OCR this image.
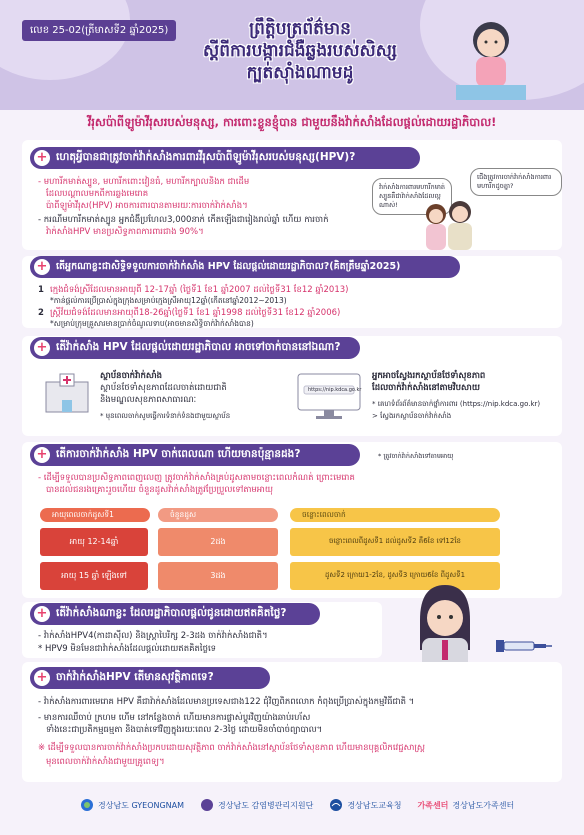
លេខ 25-02(ត្រីមាសទី2 ឆ្នាំ2025)	ព្រឹត្តិបត្រព័ត៌មាន
ស្តីពីការបង្ការជំងឺឆ្លងរបស់សិស្ស
ក្បត់ស៊ាំងណាមដូ
វីរុសប៉ាពីឡូម៉ាវីរុសរបស់មនុស្ស, ការពោះខ្លួនខ្ញុំបាន ជាមួយនឹងវ៉ាក់សាំងដែលផ្តល់ដោយរដ្ឋាភិបាល!
+ ហេតុអ្វីបានជាត្រូវចាក់វ៉ាក់សាំងការពារវីរុសប៉ាពីឡូម៉ាវីរុសរបស់មនុស្ស(HPV)?
- មហារីកមាត់ស្បូន, មហារីកពោះវៀនធំ, មហារីកក្បាលនិងក ជាដើម
ដែលបណ្តាលមកពីការឆ្លងមេរោគ
ប៉ាពីឡូម៉ាវីរុស(HPV) អាចការពារបានតាមរយៈការចាក់វ៉ាក់សាំង។
- ករណីមហារីកមាត់ស្បូន អ្នកជំងឺប្រហែល3,000នាក់ កើតឡើងជារៀងរាល់ឆ្នាំ ហើយ ការចាក់
វ៉ាក់សាំងHPV មានប្រសិទ្ធភាពការពារជាង 90%។
វ៉ាក់សាំងការពារមហារីកមាត់ស្បូនគឺជាវ៉ាក់សាំងដែលល្អណាស់!
ជើងត្រូវការចាក់វ៉ាក់សាំងការពារមហារីកដូចគ្នា?
+ តើអ្នកណាខ្លះជាសិទ្ធិទទួលការចាក់វ៉ាក់សាំង HPV ដែលផ្តល់ដោយរដ្ឋាភិបាល?(គិតត្រឹមឆ្នាំ2025)
1 ក្មេងជំទង់ស្រីដែលមានអាយុពី 12-17ឆ្នាំ (ថ្ងៃទី1 ខែ1 ឆ្នាំ2007 ដល់ថ្ងៃទី31 ខែ12 ឆ្នាំ2013)
*កាន់ផ្តល់ការប្រើប្រាស់ក្នុងក្រុងសម្រាប់ក្មេងស្រីអាយុ12ឆ្នាំ(កើតនៅឆ្នាំ2012~2013)
2 ស្ត្រីវ័យជំទង់ដែលមានអាយុពី18-26ឆ្នាំ(ថ្ងៃទី1 ខែ1 ឆ្នាំ1998 ដល់ថ្ងៃទី31 ខែ12 ឆ្នាំ2006)
*សម្រាប់ក្រុមគ្រួសារមានប្រាក់ចំណូលទាប(អាចមានសិទ្ធិចាក់វ៉ាក់សាំងបាន)
+ តើវ៉ាក់សាំង HPV ដែលផ្តល់ដោយរដ្ឋាភិបាល អាចទៅចាក់បាននៅឯណា?
ស្ថាប័នចាក់វ៉ាក់សាំង
ស្ថាប័នថែទាំសុខភាពដែលចាត់ដោយជាតិ
និងមណ្ឌលសុខភាពសាធារណៈ
* មុនពេលចាក់សូមធ្វើការទំនាក់ទំនងជាមួយស្ថាប័ន
https://nip.kdca.go.kr
អ្នកអាចស្វែងរកស្ថាប័នថែទាំសុខភាព
ដែលចាក់វ៉ាក់សាំងនៅតាមវិបសាយ
* គេហទំព័រព័ត៌មានចាក់ថ្នាំការពារ (https://nip.kdca.go.kr)
> ស្វែងរកស្ថាប័នចាក់វ៉ាក់សាំង
+ តើការចាក់វ៉ាក់សាំង HPV ចាក់ពេលណា ហើយមានប៉ុន្មានដង?	* ត្រូវចាក់វ៉ាក់សាំងទៅតាមអាយុ
- ដើម្បីទទួលបានប្រសិទ្ធភាពពេញលេញ ត្រូវចាក់វ៉ាក់សាំងគ្រប់ដូសតាមចន្លោះពេលកំណត់ ព្រោះមេរោគ
បានដល់ជនរងគ្រោះរួចហើយ ចំនួនដូសវ៉ាក់សាំងត្រូវប្រែប្រួលទៅតាមអាយុ
អាយុពេលចាក់ដូសទី1	ចំនួនដូស	ចន្លោះពេលចាក់
អាយុ 12-14ឆ្នាំ	2ដង	ចន្លោះពេលពីដូសទី1 ដល់ដូសទី2 គឺ6ខែ ទៅ12ខែ
អាយុ 15 ឆ្នាំ ឡើងទៅ	3ដង	ដូសទី2 ក្រោយ1-2ខែ, ដូសទី3 ក្រោយ6ខែ ពីដូសទី1
+ តើវ៉ាក់សាំងណាខ្លះ ដែលរដ្ឋាភិបាលផ្តល់ជូនដោយឥតគិតថ្លៃ?
- វ៉ាក់សាំងHPV4(កាដាស៊ីល) និងស្រ្ដាបៃរិក្ស 2-3ដង ចាក់វ៉ាក់សាំងជាតិ។
* HPV9 មិនមែនជាវ៉ាក់សាំងដែលផ្តល់ដោយឥតគិតថ្លៃទេ
+ ចាក់វ៉ាក់សាំងHPV តើមានសុវត្ថិភាពទេ?
- វ៉ាក់សាំងការពារមេរោគ HPV គឺជាវ៉ាក់សាំងដែលមានប្រទេសជាង122 ជុំវិញពិភពលោក កំពុងប្រើប្រាស់ក្នុងកម្មវិធីជាតិ ។
- មានការឈឺចាប់ ក្រហម ហើម នៅកន្លែងចាក់ ហើយមានការផ្លាស់ប្តូរវិញយ៉ាងឆាប់រហ័ស
ទាំងនេះជាប្រតិកម្មធម្មតា និងបាត់ទៅវិញក្នុងរយៈពេល 2-3ថ្ងៃ ដោយមិនចាំបាច់ព្យាបាល។
※ ដើម្បីទទួលបានការចាក់វ៉ាក់សាំងប្រកបដោយសុវត្ថិភាព ចាក់វ៉ាក់សាំងនៅស្ថាប័នថែទាំសុខភាព ហើយមានបុគ្គលិកវេជ្ជសាស្ត្រ
មុនពេលចាក់វ៉ាក់សាំងជាមួយគ្រូពេទ្យ។
경상남도 GYEONGNAM	경상남도 감염병관리지원단	경상남도교육청 가족센터 경상남도가족센터
